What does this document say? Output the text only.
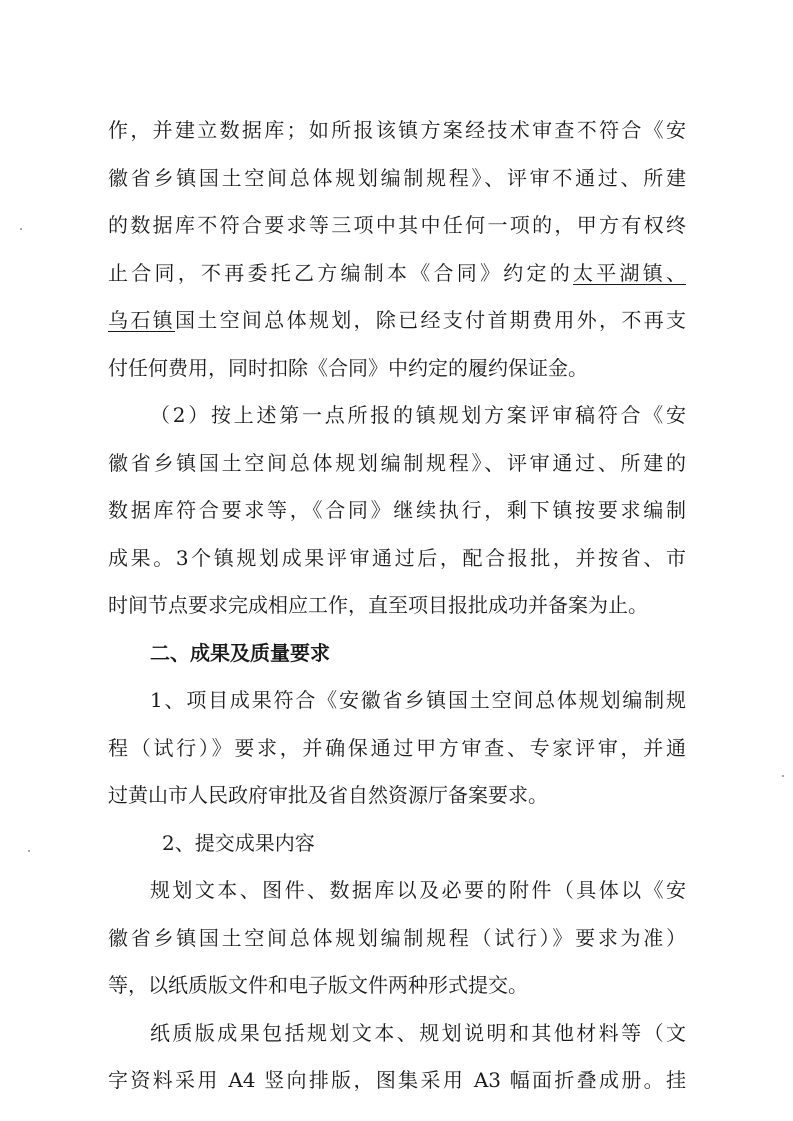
作，并建立数据库；如所报该镇方案经技术审查不符合《安
徽省乡镇国土空间总体规划编制规程》、评审不通过、所建
的数据库不符合要求等三项中其中任何一项的，甲方有权终
止合同，不再委托乙方编制本《合同》约定的太平湖镇、
乌石镇国土空间总体规划，除已经支付首期费用外，不再支
付任何费用，同时扣除《合同》中约定的履约保证金。
（2）按上述第一点所报的镇规划方案评审稿符合《安
徽省乡镇国土空间总体规划编制规程》、评审通过、所建的
数据库符合要求等，《合同》继续执行，剩下镇按要求编制
成果。3个镇规划成果评审通过后，配合报批，并按省、市
时间节点要求完成相应工作，直至项目报批成功并备案为止。
二、成果及质量要求
1、项目成果符合《安徽省乡镇国土空间总体规划编制规
程（试行）》要求，并确保通过甲方审查、专家评审，并通
过黄山市人民政府审批及省自然资源厅备案要求。
2、提交成果内容
规划文本、图件、数据库以及必要的附件（具体以《安
徽省乡镇国土空间总体规划编制规程（试行）》要求为准）
等，以纸质版文件和电子版文件两种形式提交。
纸质版成果包括规划文本、规划说明和其他材料等（文
字资料采用 A4 竖向排版，图集采用 A3 幅面折叠成册。挂
